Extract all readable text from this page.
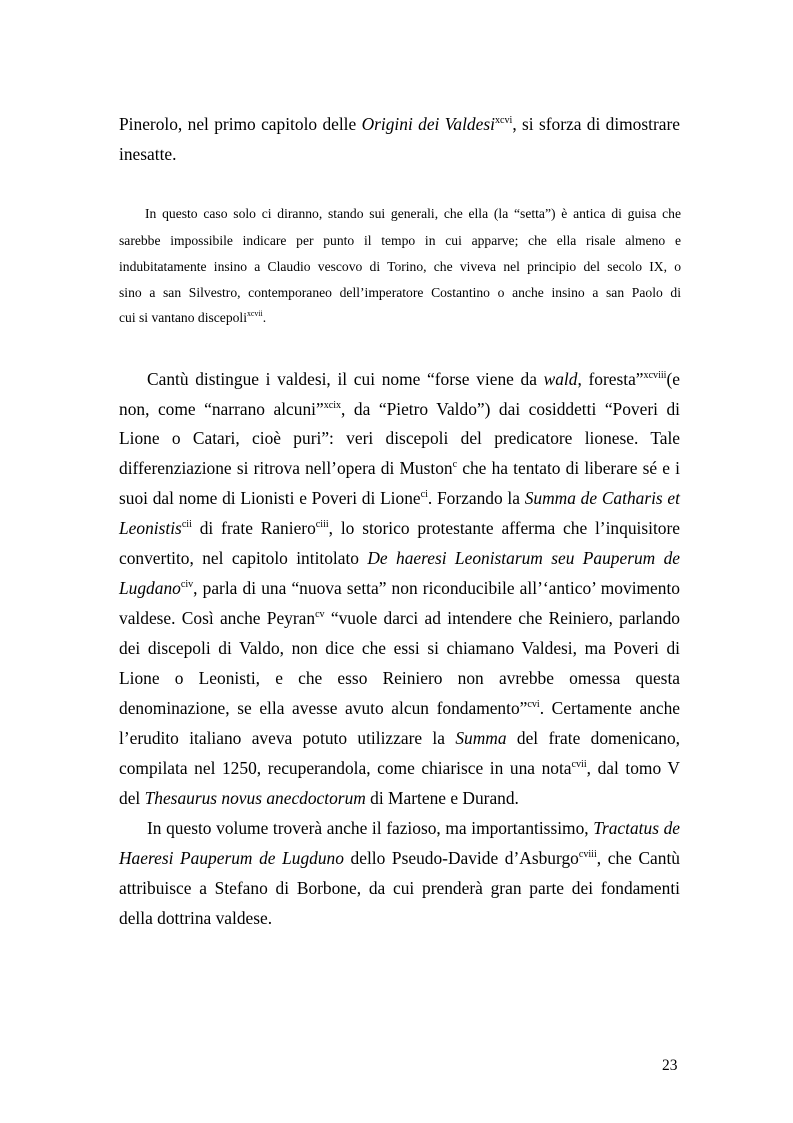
Pinerolo, nel primo capitolo delle Origini dei Valdesi$^{xcvi}$, si sforza di dimostrare
inesatte.
In questo caso solo ci diranno, stando sui generali, che ella (la “setta”) è antica di guisa che
sarebbe impossibile indicare per punto il tempo in cui apparve; che ella risale almeno e
indubitatamente insino a Claudio vescovo di Torino, che viveva nel principio del secolo IX, o
sino a san Silvestro, contemporaneo dell’imperatore Costantino o anche insino a san Paolo di
cui si vantano discepoli$^{xcvii}$.
Cantù distingue i valdesi, il cui nome “forse viene da wald, foresta”$^{xcviii}$(e
non, come “narrano alcuni”$^{xcix}$, da “Pietro Valdo”) dai cosiddetti “Poveri di
Lione o Catari, cioè puri”: veri discepoli del predicatore lionese. Tale
differenziazione si ritrova nell’opera di Muston$^c$ che ha tentato di liberare sé e i
suoi dal nome di Lionisti e Poveri di Lione$^{ci}$. Forzando la Summa de Catharis et
Leonistis$^{cii}$ di frate Raniero$^{ciii}$, lo storico protestante afferma che l’inquisitore
convertito, nel capitolo intitolato De haeresi Leonistarum seu Pauperum de
Lugdano$^{civ}$, parla di una “nuova setta” non riconducibile all’‘antico’ movimento
valdese. Così anche Peyran$^{cv}$ “vuole darci ad intendere che Reiniero, parlando
dei discepoli di Valdo, non dice che essi si chiamano Valdesi, ma Poveri di
Lione o Leonisti, e che esso Reiniero non avrebbe omessa questa
denominazione, se ella avesse avuto alcun fondamento”$^{cvi}$. Certamente anche
l’erudito italiano aveva potuto utilizzare la Summa del frate domenicano,
compilata nel 1250, recuperandola, come chiarisce in una nota$^{cvii}$, dal tomo V
del Thesaurus novus anecdoctorum di Martene e Durand.
In questo volume troverà anche il fazioso, ma importantissimo, Tractatus de
Haeresi Pauperum de Lugduno dello Pseudo-Davide d’Asburgo$^{cviii}$, che Cantù
attribuisce a Stefano di Borbone, da cui prenderà gran parte dei fondamenti
della dottrina valdese.
23
